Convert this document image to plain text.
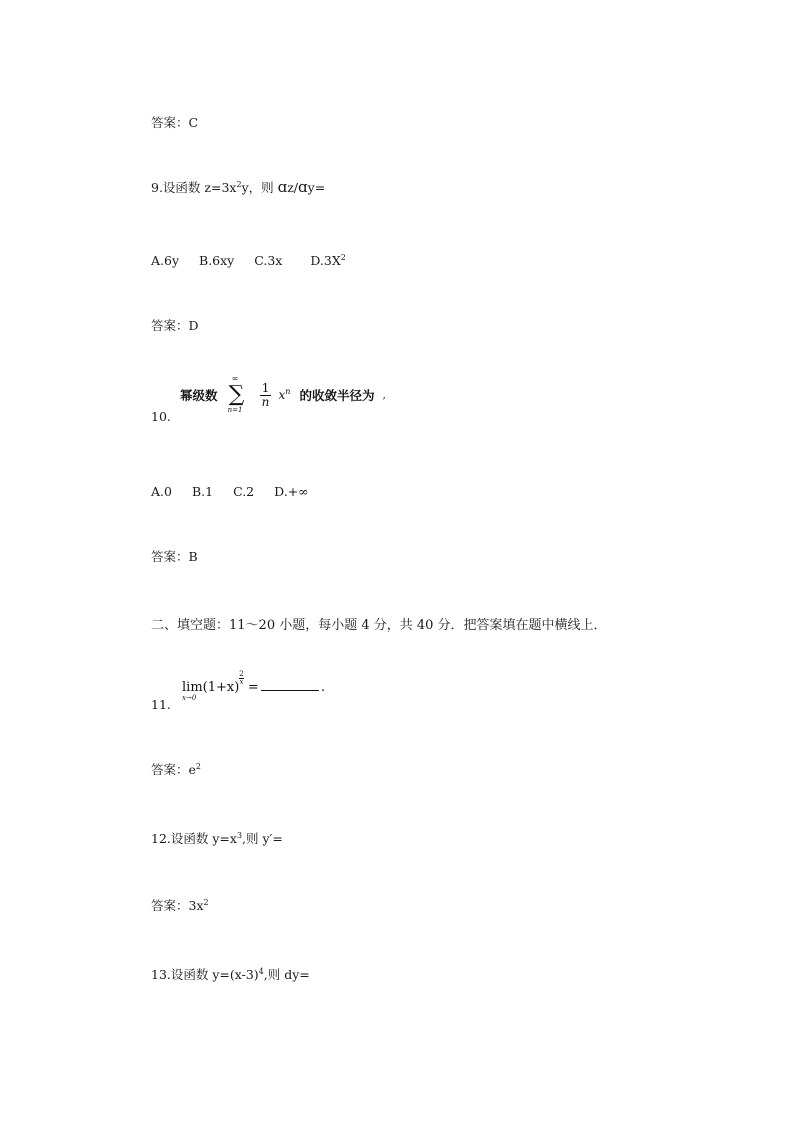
答案：C
9.设函数 $z=3x^2y$，则 ɑz/ɑy=
A.6y B.6xy C.3x $D.3X^2$
答案：D
10.
幂级数
∞
∑
n=1

$\frac{1}{n} x^n$ 的收敛半径为 ,
A.0 B.1 C.2 D.+∞
答案：B
二、填空题：11～20 小题，每小题 4 分，共 40 分．把答案填在题中横线上．
11.
lim
x→0
(1+x)
$\frac{2}{x}$
=	.
答案：$e^2$
12.设函数 $y=x^3$,则 y′=
答案：$3x^2$
13.设函数 $y=(x-3)^4$,则 dy=
